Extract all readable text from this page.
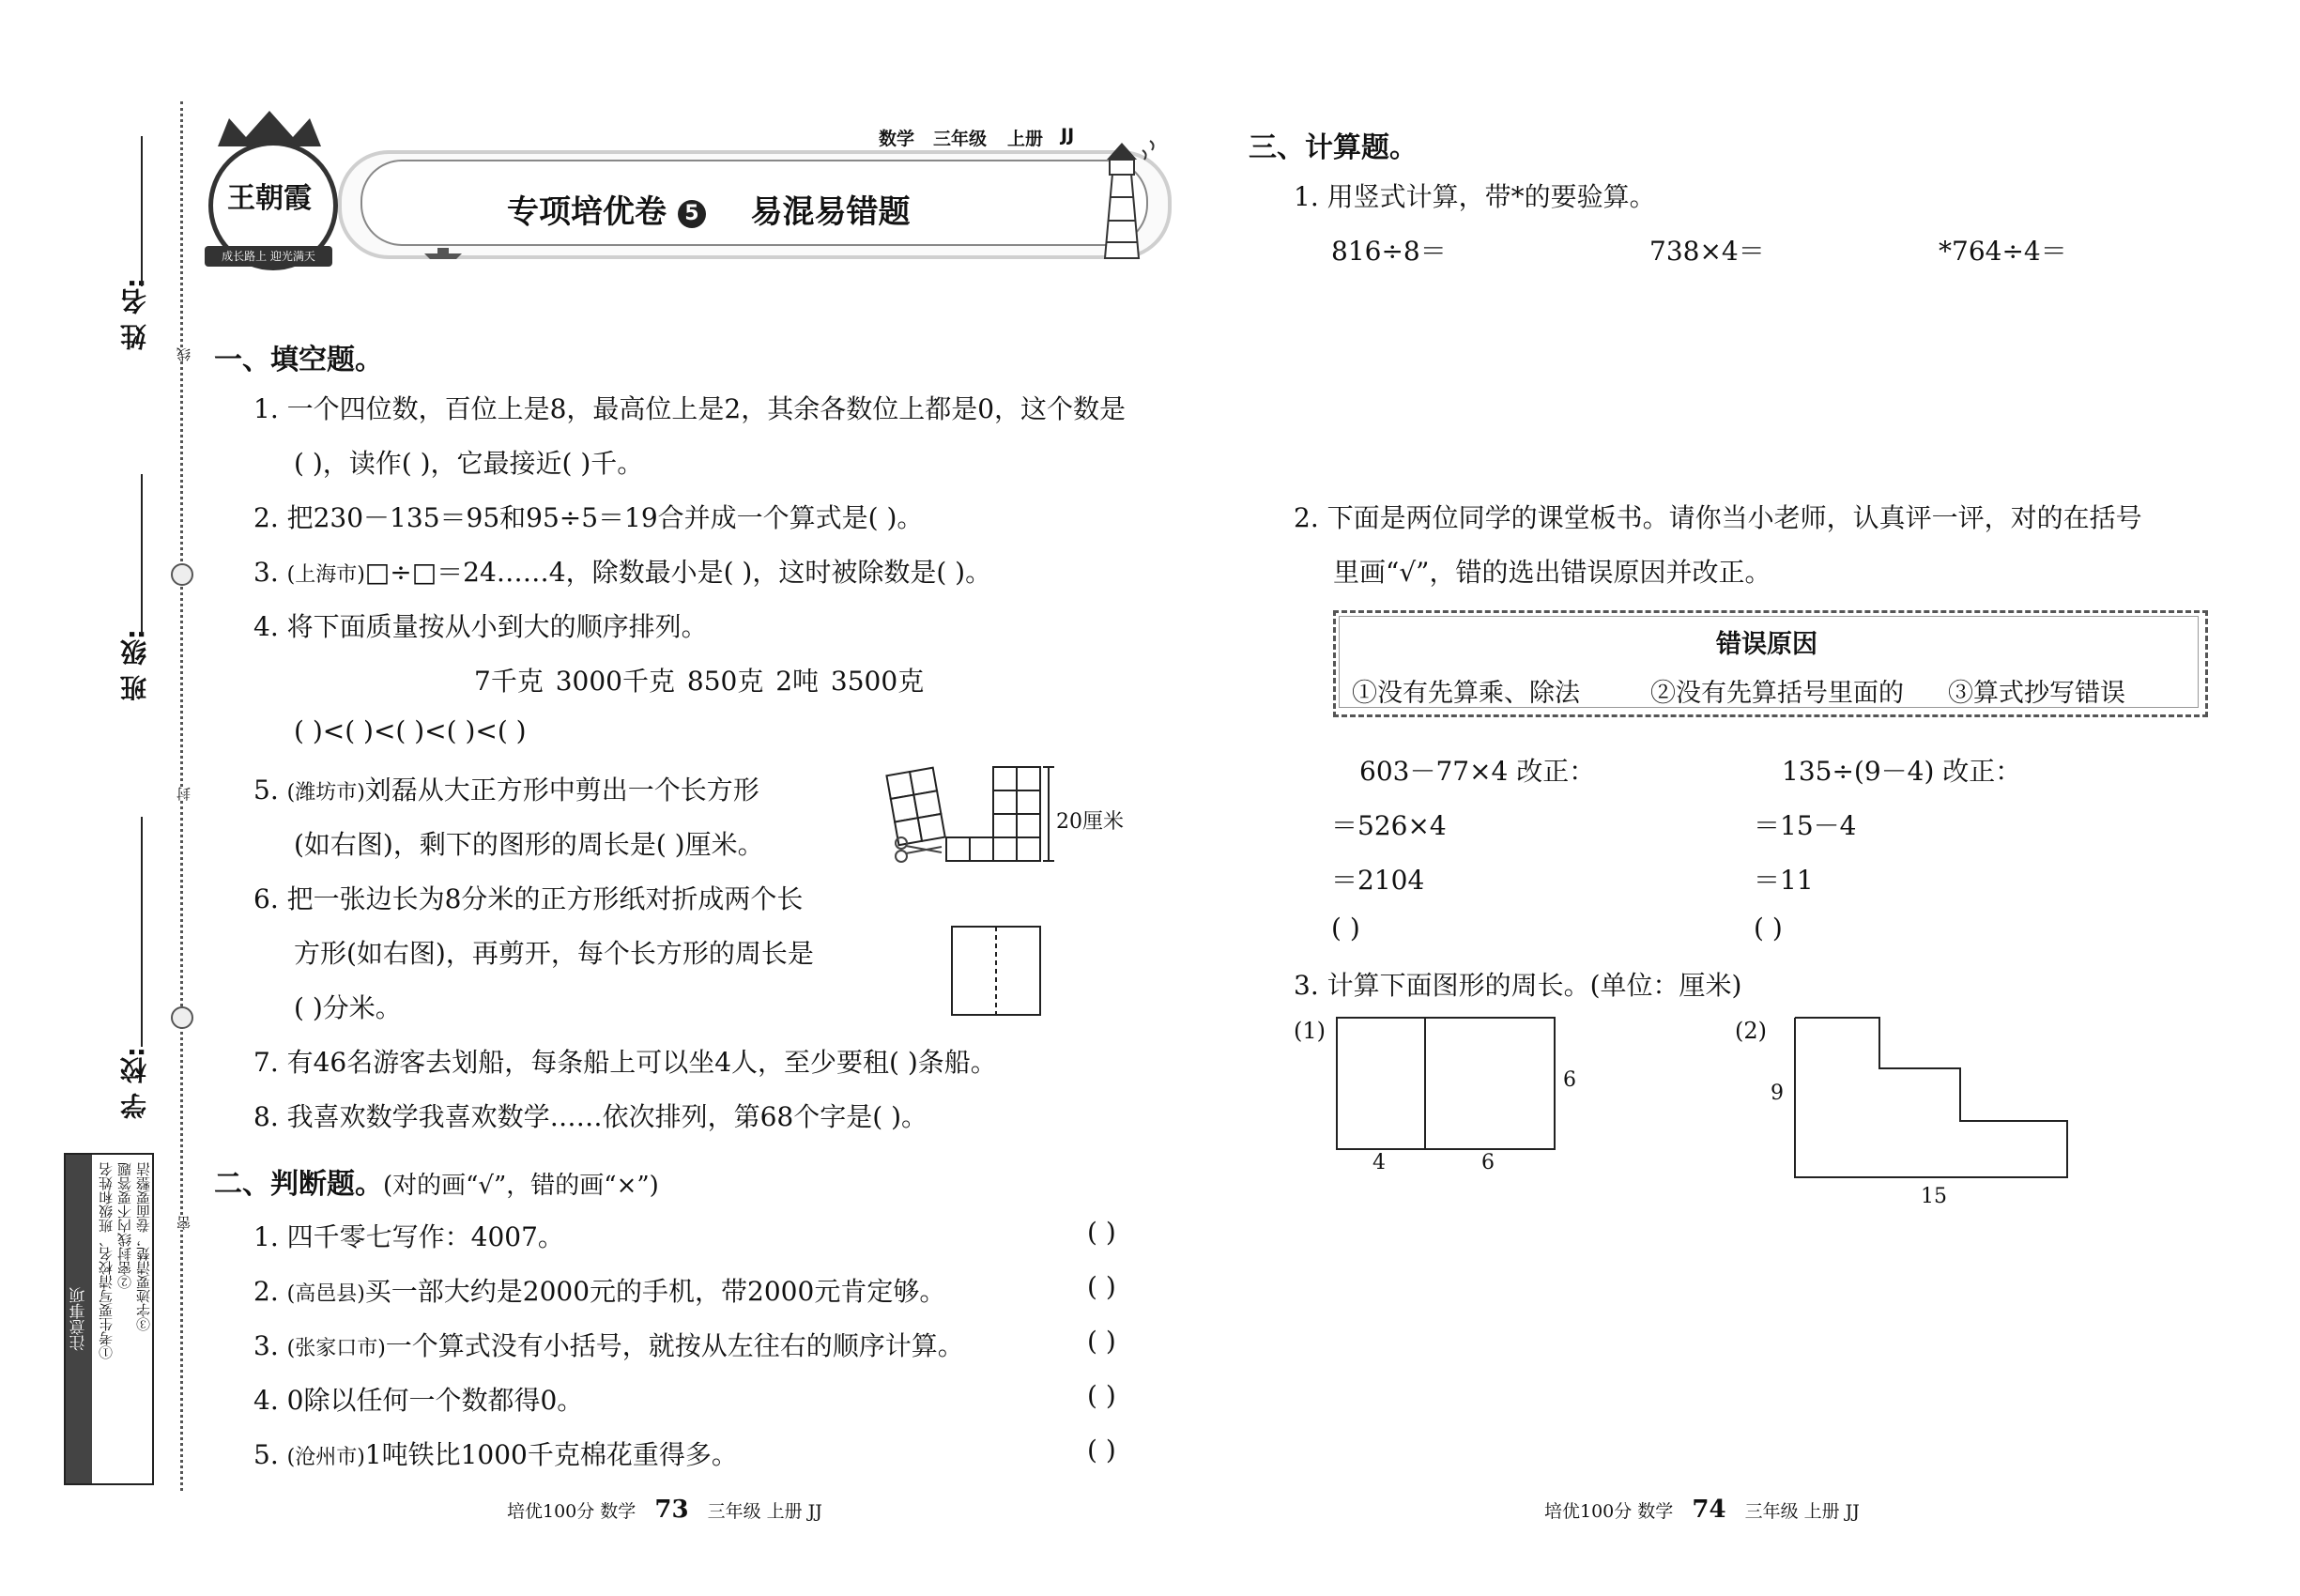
姓 名:
班 级:
学 校:
线
封
密
注意事项 ①考生要写清校名、班级和姓名 ②密封线内不要答题 ③字迹要清楚，卷面要整洁
王朝霞
成长路上 迎光满天
数学 三年级 上册 JJ
专项培优卷 5 易混易错题
一、填空题。
1. 一个四位数，百位上是8，最高位上是2，其余各数位上都是0，这个数是
( )，读作( )，它最接近( )千。
2. 把230－135＝95和95÷5＝19合并成一个算式是( )。
3. (上海市)□÷□＝24……4，除数最小是( )，这时被除数是( )。
4. 将下面质量按从小到大的顺序排列。
7千克 3000千克 850克 2吨 3500克
( )<( )<( )<( )<( )
5. (潍坊市)刘磊从大正方形中剪出一个长方形
(如右图)，剩下的图形的周长是( )厘米。
20厘米
6. 把一张边长为8分米的正方形纸对折成两个长
方形(如右图)，再剪开，每个长方形的周长是
( )分米。
7. 有46名游客去划船，每条船上可以坐4人，至少要租( )条船。
8. 我喜欢数学我喜欢数学……依次排列，第68个字是( )。
二、判断题。(对的画“√”，错的画“×”)
1. 四千零七写作：4007。	( )
2. (高邑县)买一部大约是2000元的手机，带2000元肯定够。	( )
3. (张家口市)一个算式没有小括号，就按从左往右的顺序计算。	( )
4. 0除以任何一个数都得0。	( )
5. (沧州市)1吨铁比1000千克棉花重得多。	( )
三、计算题。
1. 用竖式计算，带*的要验算。
816÷8＝	738×4＝	*764÷4＝
2. 下面是两位同学的课堂板书。请你当小老师，认真评一评，对的在括号
里画“√”，错的选出错误原因并改正。
错误原因
①没有先算乘、除法	②没有先算括号里面的 ③算式抄写错误
603－77×4 改正：
＝526×4
＝2104
( )
135÷(9－4) 改正：
＝15－4
＝11
( )
3. 计算下面图形的周长。(单位：厘米)
(1)
6
4	6
(2)
9
15
培优100分 数学 73 三年级 上册 JJ	培优100分 数学 74 三年级 上册 JJ
